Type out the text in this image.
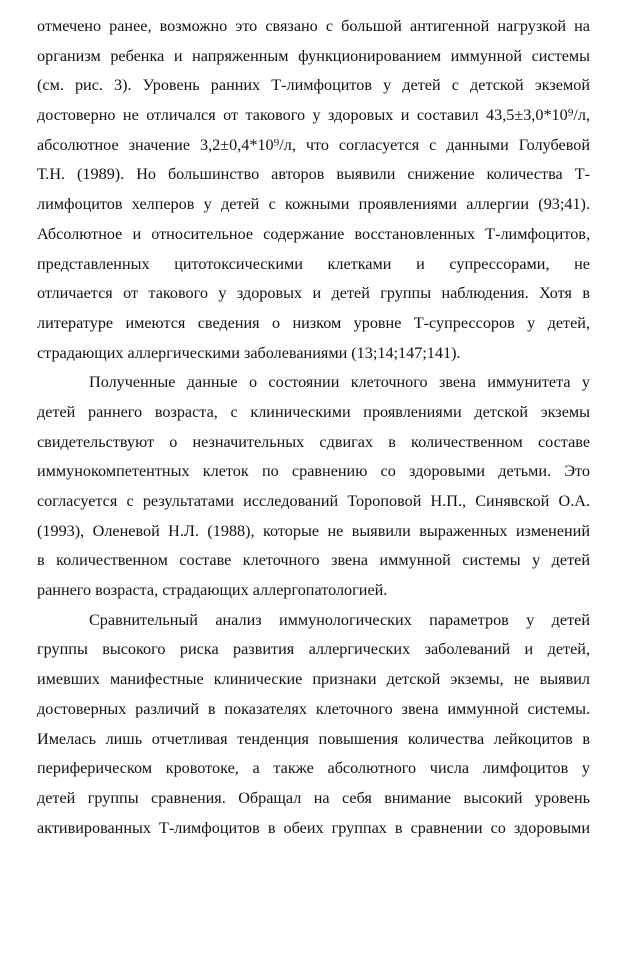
отмечено ранее, возможно это связано с большой антигенной нагрузкой на
организм ребенка и напряженным функционированием иммунной системы
(см. рис. 3). Уровень ранних Т-лимфоцитов у детей с детской экземой
достоверно не отличался от такового у здоровых и составил 43,5±3,0*10⁹/л,
абсолютное значение 3,2±0,4*10⁹/л, что согласуется с данными Голубевой
Т.Н. (1989). Но большинство авторов выявили снижение количества Т-
лимфоцитов хелперов у детей с кожными проявлениями аллергии (93;41).
Абсолютное и относительное содержание восстановленных Т-лимфоцитов,
представленных цитотоксическими клетками и супрессорами, не
отличается от такового у здоровых и детей группы наблюдения. Хотя в
литературе имеются сведения о низком уровне Т-супрессоров у детей,
страдающих аллергическими заболеваниями (13;14;147;141).
Полученные данные о состоянии клеточного звена иммунитета у
детей раннего возраста, с клиническими проявлениями детской экземы
свидетельствуют о незначительных сдвигах в количественном составе
иммунокомпетентных клеток по сравнению со здоровыми детьми. Это
согласуется с результатами исследований Тороповой Н.П., Синявской О.А.
(1993), Оленевой Н.Л. (1988), которые не выявили выраженных изменений
в количественном составе клеточного звена иммунной системы у детей
раннего возраста, страдающих аллергопатологией.
Сравнительный анализ иммунологических параметров у детей
группы высокого риска развития аллергических заболеваний и детей,
имевших манифестные клинические признаки детской экземы, не выявил
достоверных различий в показателях клеточного звена иммунной системы.
Имелась лишь отчетливая тенденция повышения количества лейкоцитов в
периферическом кровотоке, а также абсолютного числа лимфоцитов у
детей группы сравнения. Обращал на себя внимание высокий уровень
активированных Т-лимфоцитов в обеих группах в сравнении со здоровыми
